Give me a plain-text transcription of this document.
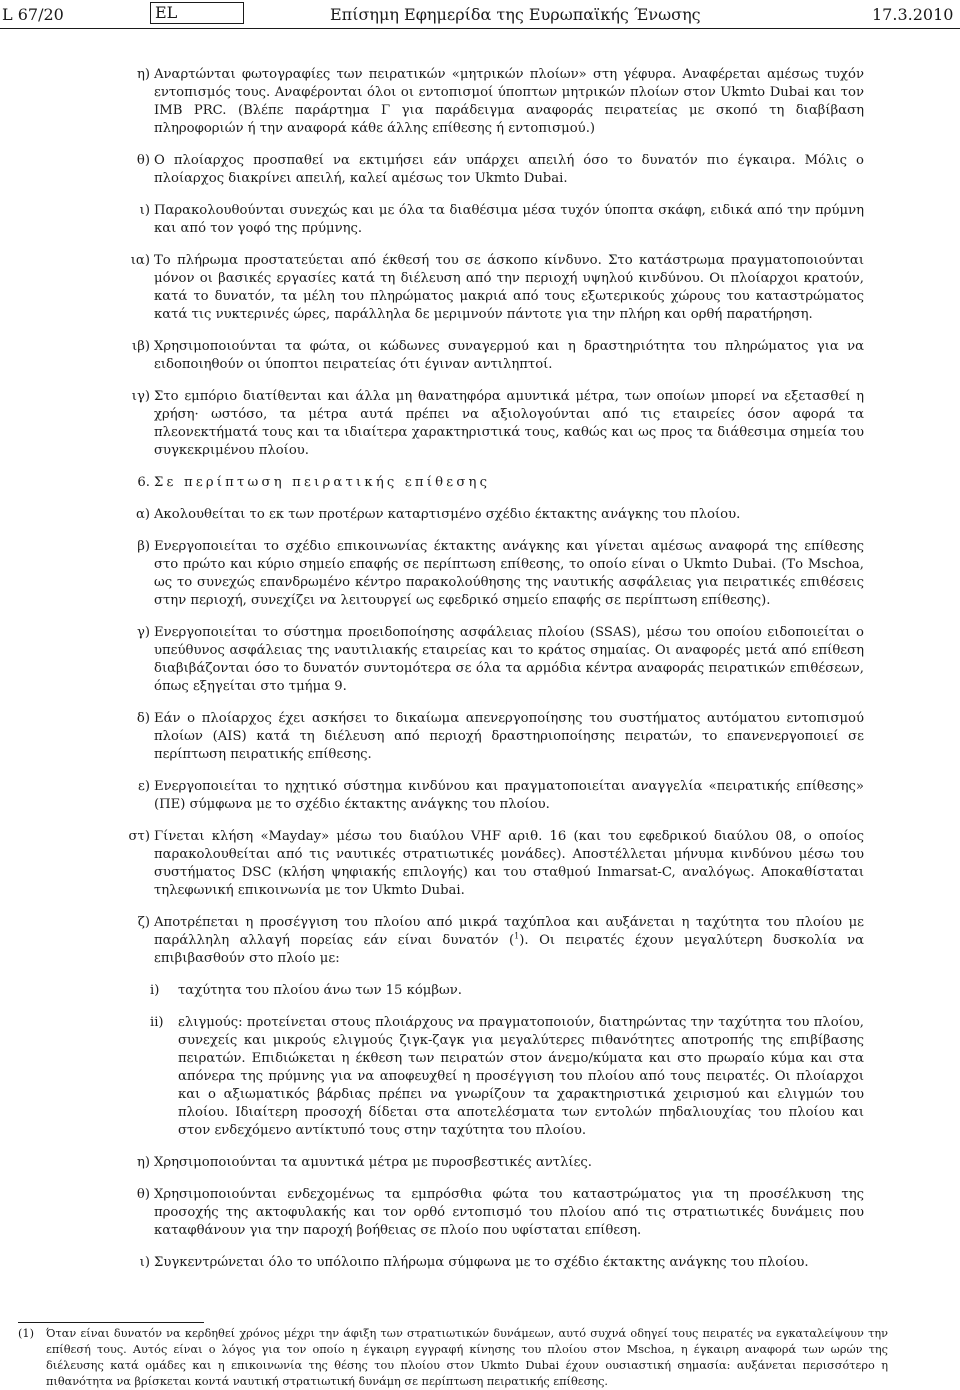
L 67/20	EL	Επίσημη Εφημερίδα της Ευρωπαϊκής Ένωσης	17.3.2010
η) Αναρτώνται φωτογραφίες των πειρατικών «μητρικών πλοίων» στη γέφυρα. Αναφέρεται αμέσως τυχόν εντοπισμός τους. Αναφέρονται όλοι οι εντοπισμοί ύποπτων μητρικών πλοίων στον Ukmto Dubai και τον IMB PRC. (Βλέπε παράρτημα Γ για παράδειγμα αναφοράς πειρατείας με σκοπό τη διαβίβαση πληροφοριών ή την αναφορά κάθε άλλης επίθεσης ή εντοπισμού.)
θ) Ο πλοίαρχος προσπαθεί να εκτιμήσει εάν υπάρχει απειλή όσο το δυνατόν πιο έγκαιρα. Μόλις ο πλοίαρχος διακρίνει απειλή, καλεί αμέσως τον Ukmto Dubai.
ι) Παρακολουθούνται συνεχώς και με όλα τα διαθέσιμα μέσα τυχόν ύποπτα σκάφη, ειδικά από την πρύμνη και από τον γοφό της πρύμνης.
ια) Το πλήρωμα προστατεύεται από έκθεσή του σε άσκοπο κίνδυνο. Στο κατάστρωμα πραγματοποιούνται μόνον οι βασικές εργασίες κατά τη διέλευση από την περιοχή υψηλού κινδύνου. Οι πλοίαρχοι κρατούν, κατά το δυνατόν, τα μέλη του πληρώματος μακριά από τους εξωτερικούς χώρους του καταστρώματος κατά τις νυκτερινές ώρες, παράλληλα δε μεριμνούν πάντοτε για την πλήρη και ορθή παρατήρηση.
ιβ) Χρησιμοποιούνται τα φώτα, οι κώδωνες συναγερμού και η δραστηριότητα του πληρώματος για να ειδοποιηθούν οι ύποπτοι πειρατείας ότι έγιναν αντιληπτοί.
ιγ) Στο εμπόριο διατίθενται και άλλα μη θανατηφόρα αμυντικά μέτρα, των οποίων μπορεί να εξετασθεί η χρήση· ωστόσο, τα μέτρα αυτά πρέπει να αξιολογούνται από τις εταιρείες όσον αφορά τα πλεονεκτήματά τους και τα ιδιαίτερα χαρακτηριστικά τους, καθώς και ως προς τα διάθεσιμα σημεία του συγκεκριμένου πλοίου.
6. Σε περίπτωση πειρατικής επίθεσης
α) Ακολουθείται το εκ των προτέρων καταρτισμένο σχέδιο έκτακτης ανάγκης του πλοίου.
β) Ενεργοποιείται το σχέδιο επικοινωνίας έκτακτης ανάγκης και γίνεται αμέσως αναφορά της επίθεσης στο πρώτο και κύριο σημείο επαφής σε περίπτωση επίθεσης, το οποίο είναι ο Ukmto Dubai. (Το Mschoa, ως το συνεχώς επανδρωμένο κέντρο παρακολούθησης της ναυτικής ασφάλειας για πειρατικές επιθέσεις στην περιοχή, συνεχίζει να λειτουργεί ως εφεδρικό σημείο επαφής σε περίπτωση επίθεσης).
γ) Ενεργοποιείται το σύστημα προειδοποίησης ασφάλειας πλοίου (SSAS), μέσω του οποίου ειδοποιείται ο υπεύθυνος ασφάλειας της ναυτιλιακής εταιρείας και το κράτος σημαίας. Οι αναφορές μετά από επίθεση διαβιβάζονται όσο το δυνατόν συντομότερα σε όλα τα αρμόδια κέντρα αναφοράς πειρατικών επιθέσεων, όπως εξηγείται στο τμήμα 9.
δ) Εάν ο πλοίαρχος έχει ασκήσει το δικαίωμα απενεργοποίησης του συστήματος αυτόματου εντοπισμού πλοίων (AIS) κατά τη διέλευση από περιοχή δραστηριοποίησης πειρατών, το επανενεργοποιεί σε περίπτωση πειρατικής επίθεσης.
ε) Ενεργοποιείται το ηχητικό σύστημα κινδύνου και πραγματοποιείται αναγγελία «πειρατικής επίθεσης» (ΠΕ) σύμφωνα με το σχέδιο έκτακτης ανάγκης του πλοίου.
στ) Γίνεται κλήση «Mayday» μέσω του διαύλου VHF αριθ. 16 (και του εφεδρικού διαύλου 08, ο οποίος παρακολουθείται από τις ναυτικές στρατιωτικές μονάδες). Αποστέλλεται μήνυμα κινδύνου μέσω του συστήματος DSC (κλήση ψηφιακής επιλογής) και του σταθμού Inmarsat-C, αναλόγως. Αποκαθίσταται τηλεφωνική επικοινωνία με τον Ukmto Dubai.
ζ) Αποτρέπεται η προσέγγιση του πλοίου από μικρά ταχύπλοα και αυξάνεται η ταχύτητα του πλοίου με παράλληλη αλλαγή πορείας εάν είναι δυνατόν ($^1$). Οι πειρατές έχουν μεγαλύτερη δυσκολία να επιβιβασθούν στο πλοίο με:
i) ταχύτητα του πλοίου άνω των 15 κόμβων.
ii) ελιγμούς: προτείνεται στους πλοιάρχους να πραγματοποιούν, διατηρώντας την ταχύτητα του πλοίου, συνεχείς και μικρούς ελιγμούς ζιγκ-ζαγκ για μεγαλύτερες πιθανότητες αποτροπής της επιβίβασης πειρατών. Επιδιώκεται η έκθεση των πειρατών στον άνεμο/κύματα και στο πρωραίο κύμα και στα απόνερα της πρύμνης για να αποφευχθεί η προσέγγιση του πλοίου από τους πειρατές. Οι πλοίαρχοι και ο αξιωματικός βάρδιας πρέπει να γνωρίζουν τα χαρακτηριστικά χειρισμού και ελιγμών του πλοίου. Ιδιαίτερη προσοχή δίδεται στα αποτελέσματα των εντολών πηδαλιουχίας του πλοίου και στον ενδεχόμενο αντίκτυπό τους στην ταχύτητα του πλοίου.
η) Χρησιμοποιούνται τα αμυντικά μέτρα με πυροσβεστικές αντλίες.
θ) Χρησιμοποιούνται ενδεχομένως τα εμπρόσθια φώτα του καταστρώματος για τη προσέλκυση της προσοχής της ακτοφυλακής και τον ορθό εντοπισμό του πλοίου από τις στρατιωτικές δυνάμεις που καταφθάνουν για την παροχή βοήθειας σε πλοίο που υφίσταται επίθεση.
ι) Συγκεντρώνεται όλο το υπόλοιπο πλήρωμα σύμφωνα με το σχέδιο έκτακτης ανάγκης του πλοίου.
(1) Όταν είναι δυνατόν να κερδηθεί χρόνος μέχρι την άφιξη των στρατιωτικών δυνάμεων, αυτό συχνά οδηγεί τους πειρατές να εγκαταλείψουν την επίθεσή τους. Αυτός είναι ο λόγος για τον οποίο η έγκαιρη εγγραφή κίνησης του πλοίου στον Mschoa, η έγκαιρη αναφορά των ωρών της διέλευσης κατά ομάδες και η επικοινωνία της θέσης του πλοίου στον Ukmto Dubai έχουν ουσιαστική σημασία: αυξάνεται περισσότερο η πιθανότητα να βρίσκεται κοντά ναυτική στρατιωτική δυνάμη σε περίπτωση πειρατικής επίθεσης.
